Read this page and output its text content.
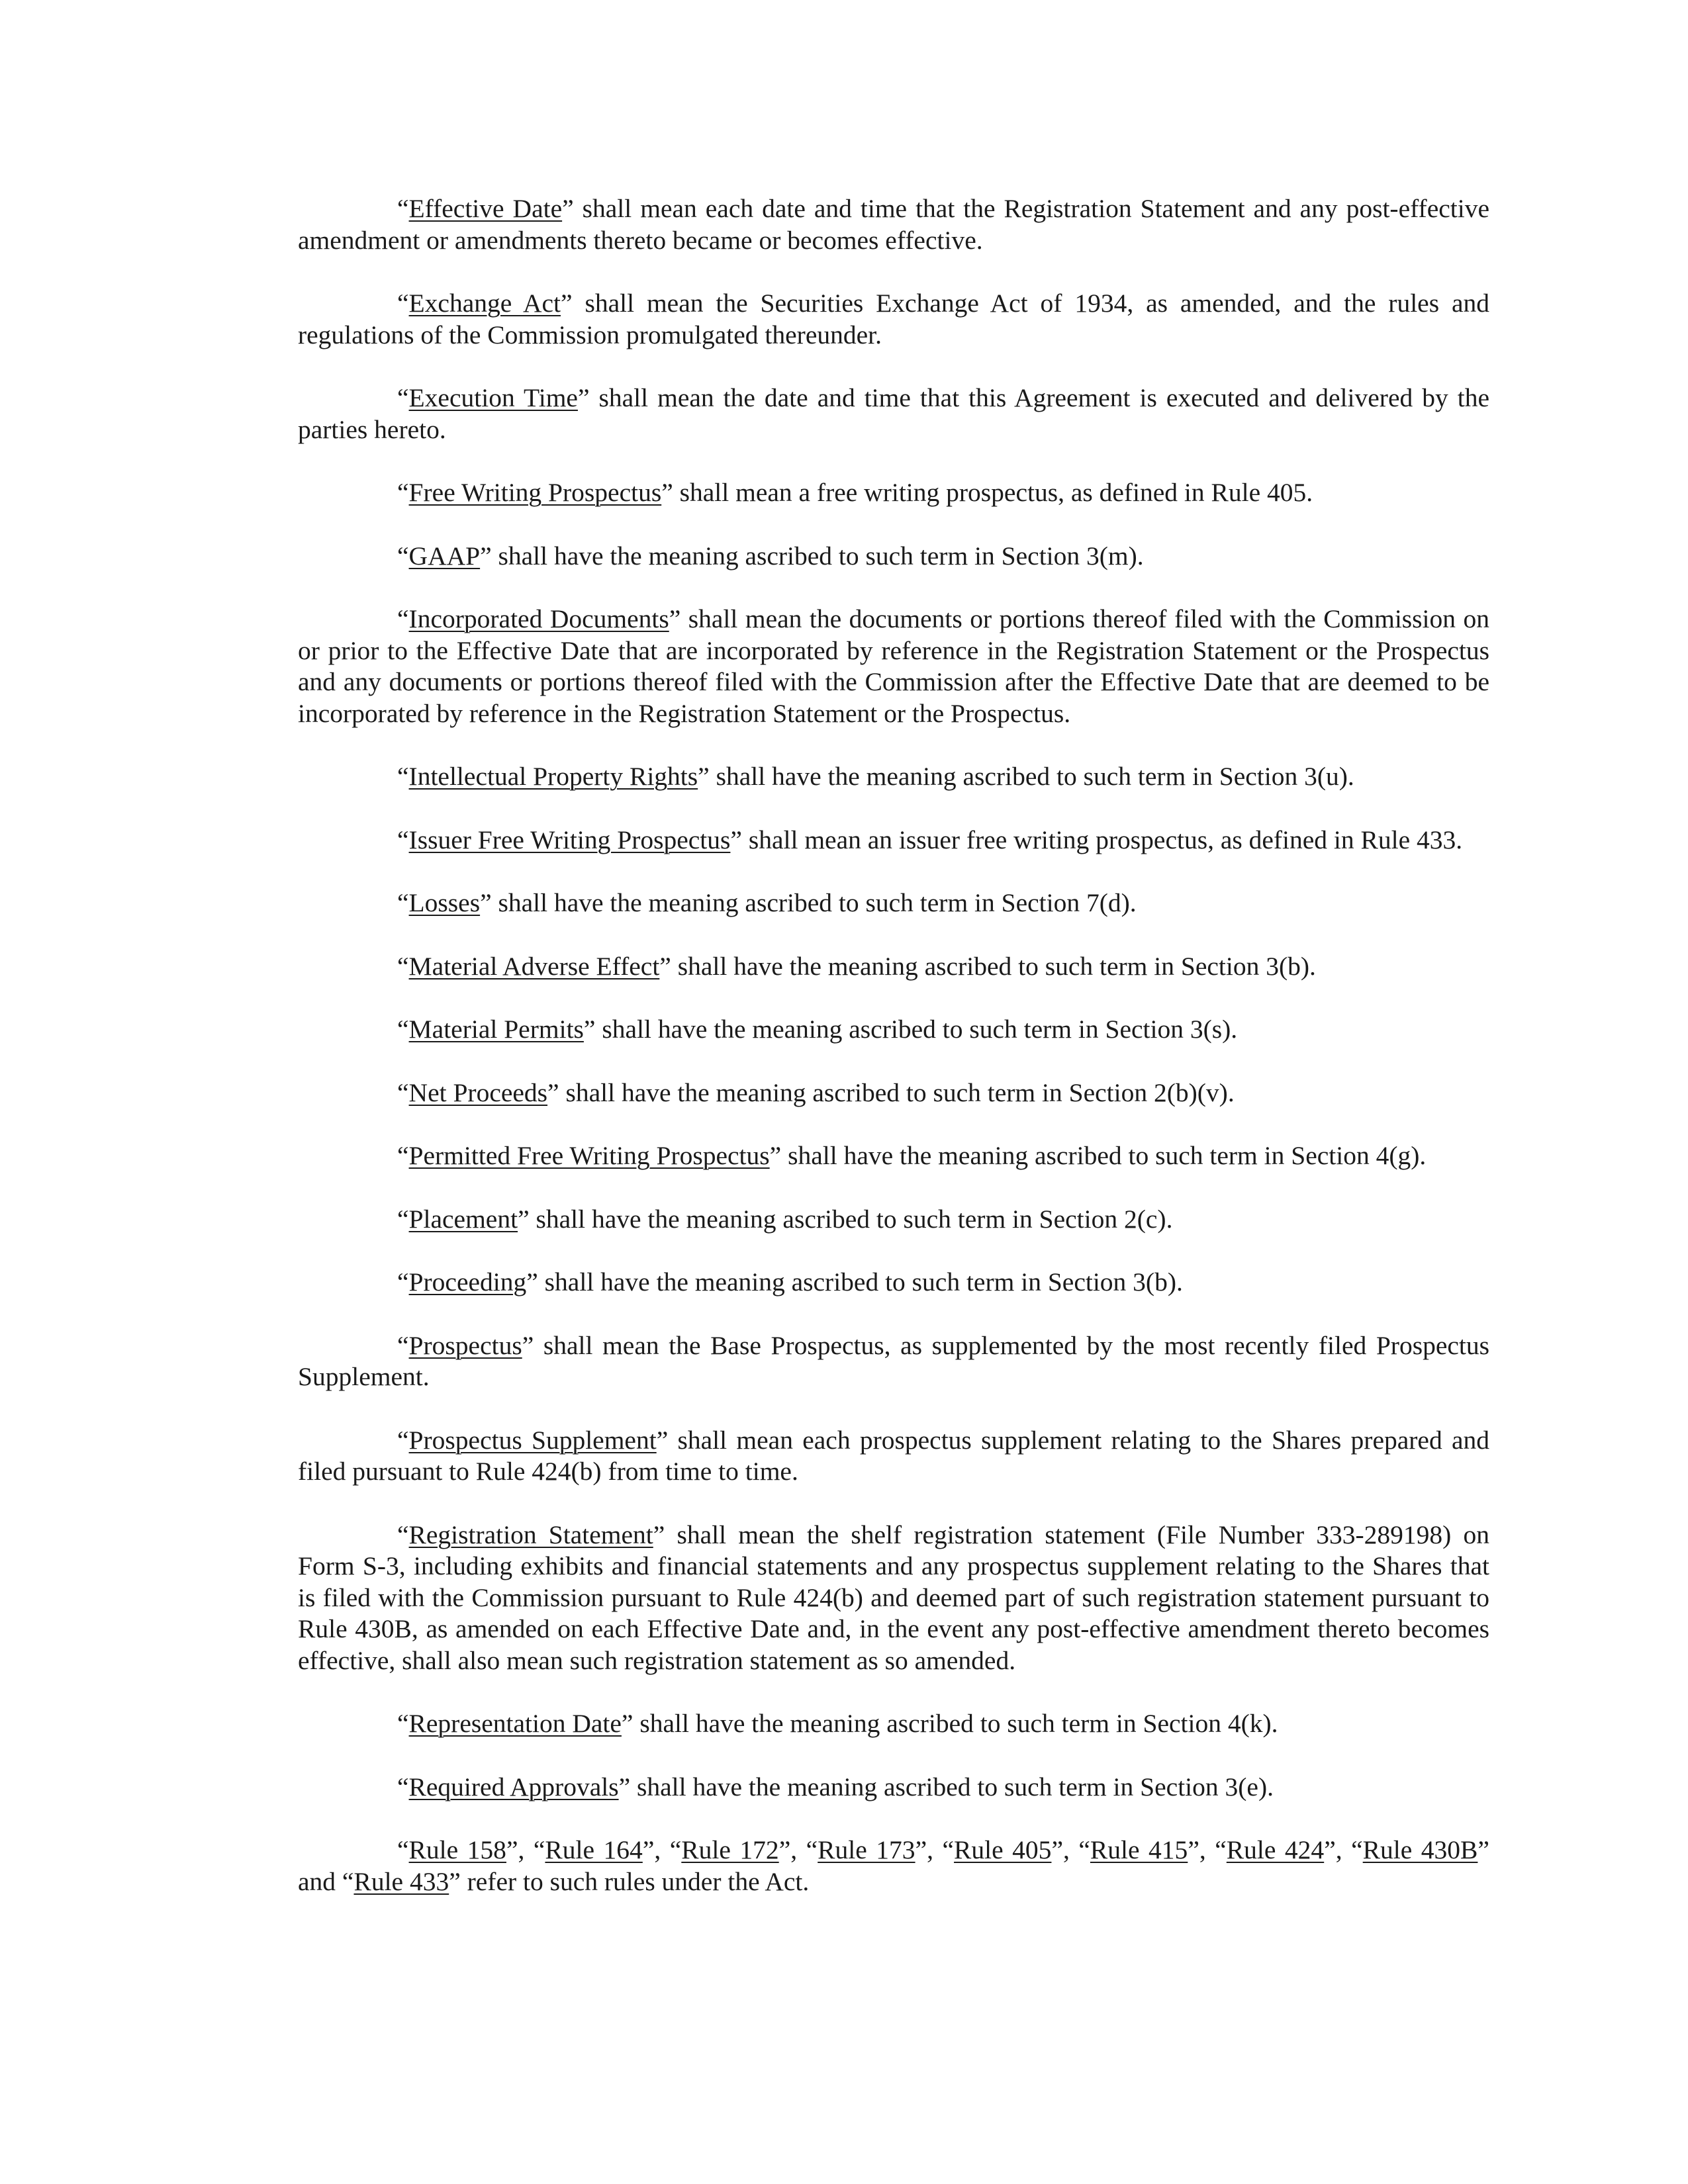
“Effective Date” shall mean each date and time that the Registration Statement and any post-effective amendment or amendments thereto became or becomes effective.

“Exchange Act” shall mean the Securities Exchange Act of 1934, as amended, and the rules and regulations of the Commission promulgated thereunder.

“Execution Time” shall mean the date and time that this Agreement is executed and delivered by the parties hereto.

“Free Writing Prospectus” shall mean a free writing prospectus, as defined in Rule 405.

“GAAP” shall have the meaning ascribed to such term in Section 3(m).

“Incorporated Documents” shall mean the documents or portions thereof filed with the Commission on or prior to the Effective Date that are incorporated by reference in the Registration Statement or the Prospectus and any documents or portions thereof filed with the Commission after the Effective Date that are deemed to be incorporated by reference in the Registration Statement or the Prospectus.

“Intellectual Property Rights” shall have the meaning ascribed to such term in Section 3(u).

“Issuer Free Writing Prospectus” shall mean an issuer free writing prospectus, as defined in Rule 433.

“Losses” shall have the meaning ascribed to such term in Section 7(d).

“Material Adverse Effect” shall have the meaning ascribed to such term in Section 3(b).

“Material Permits” shall have the meaning ascribed to such term in Section 3(s).

“Net Proceeds” shall have the meaning ascribed to such term in Section 2(b)(v).

“Permitted Free Writing Prospectus” shall have the meaning ascribed to such term in Section 4(g).

“Placement” shall have the meaning ascribed to such term in Section 2(c).

“Proceeding” shall have the meaning ascribed to such term in Section 3(b).

“Prospectus” shall mean the Base Prospectus, as supplemented by the most recently filed Prospectus Supplement.

“Prospectus Supplement” shall mean each prospectus supplement relating to the Shares prepared and filed pursuant to Rule 424(b) from time to time.

“Registration Statement” shall mean the shelf registration statement (File Number 333-289198) on Form S-3, including exhibits and financial statements and any prospectus supplement relating to the Shares that is filed with the Commission pursuant to Rule 424(b) and deemed part of such registration statement pursuant to Rule 430B, as amended on each Effective Date and, in the event any post-effective amendment thereto becomes effective, shall also mean such registration statement as so amended.

“Representation Date” shall have the meaning ascribed to such term in Section 4(k).

“Required Approvals” shall have the meaning ascribed to such term in Section 3(e).

“Rule 158”, “Rule 164”, “Rule 172”, “Rule 173”, “Rule 405”, “Rule 415”, “Rule 424”, “Rule 430B” and “Rule 433” refer to such rules under the Act.
